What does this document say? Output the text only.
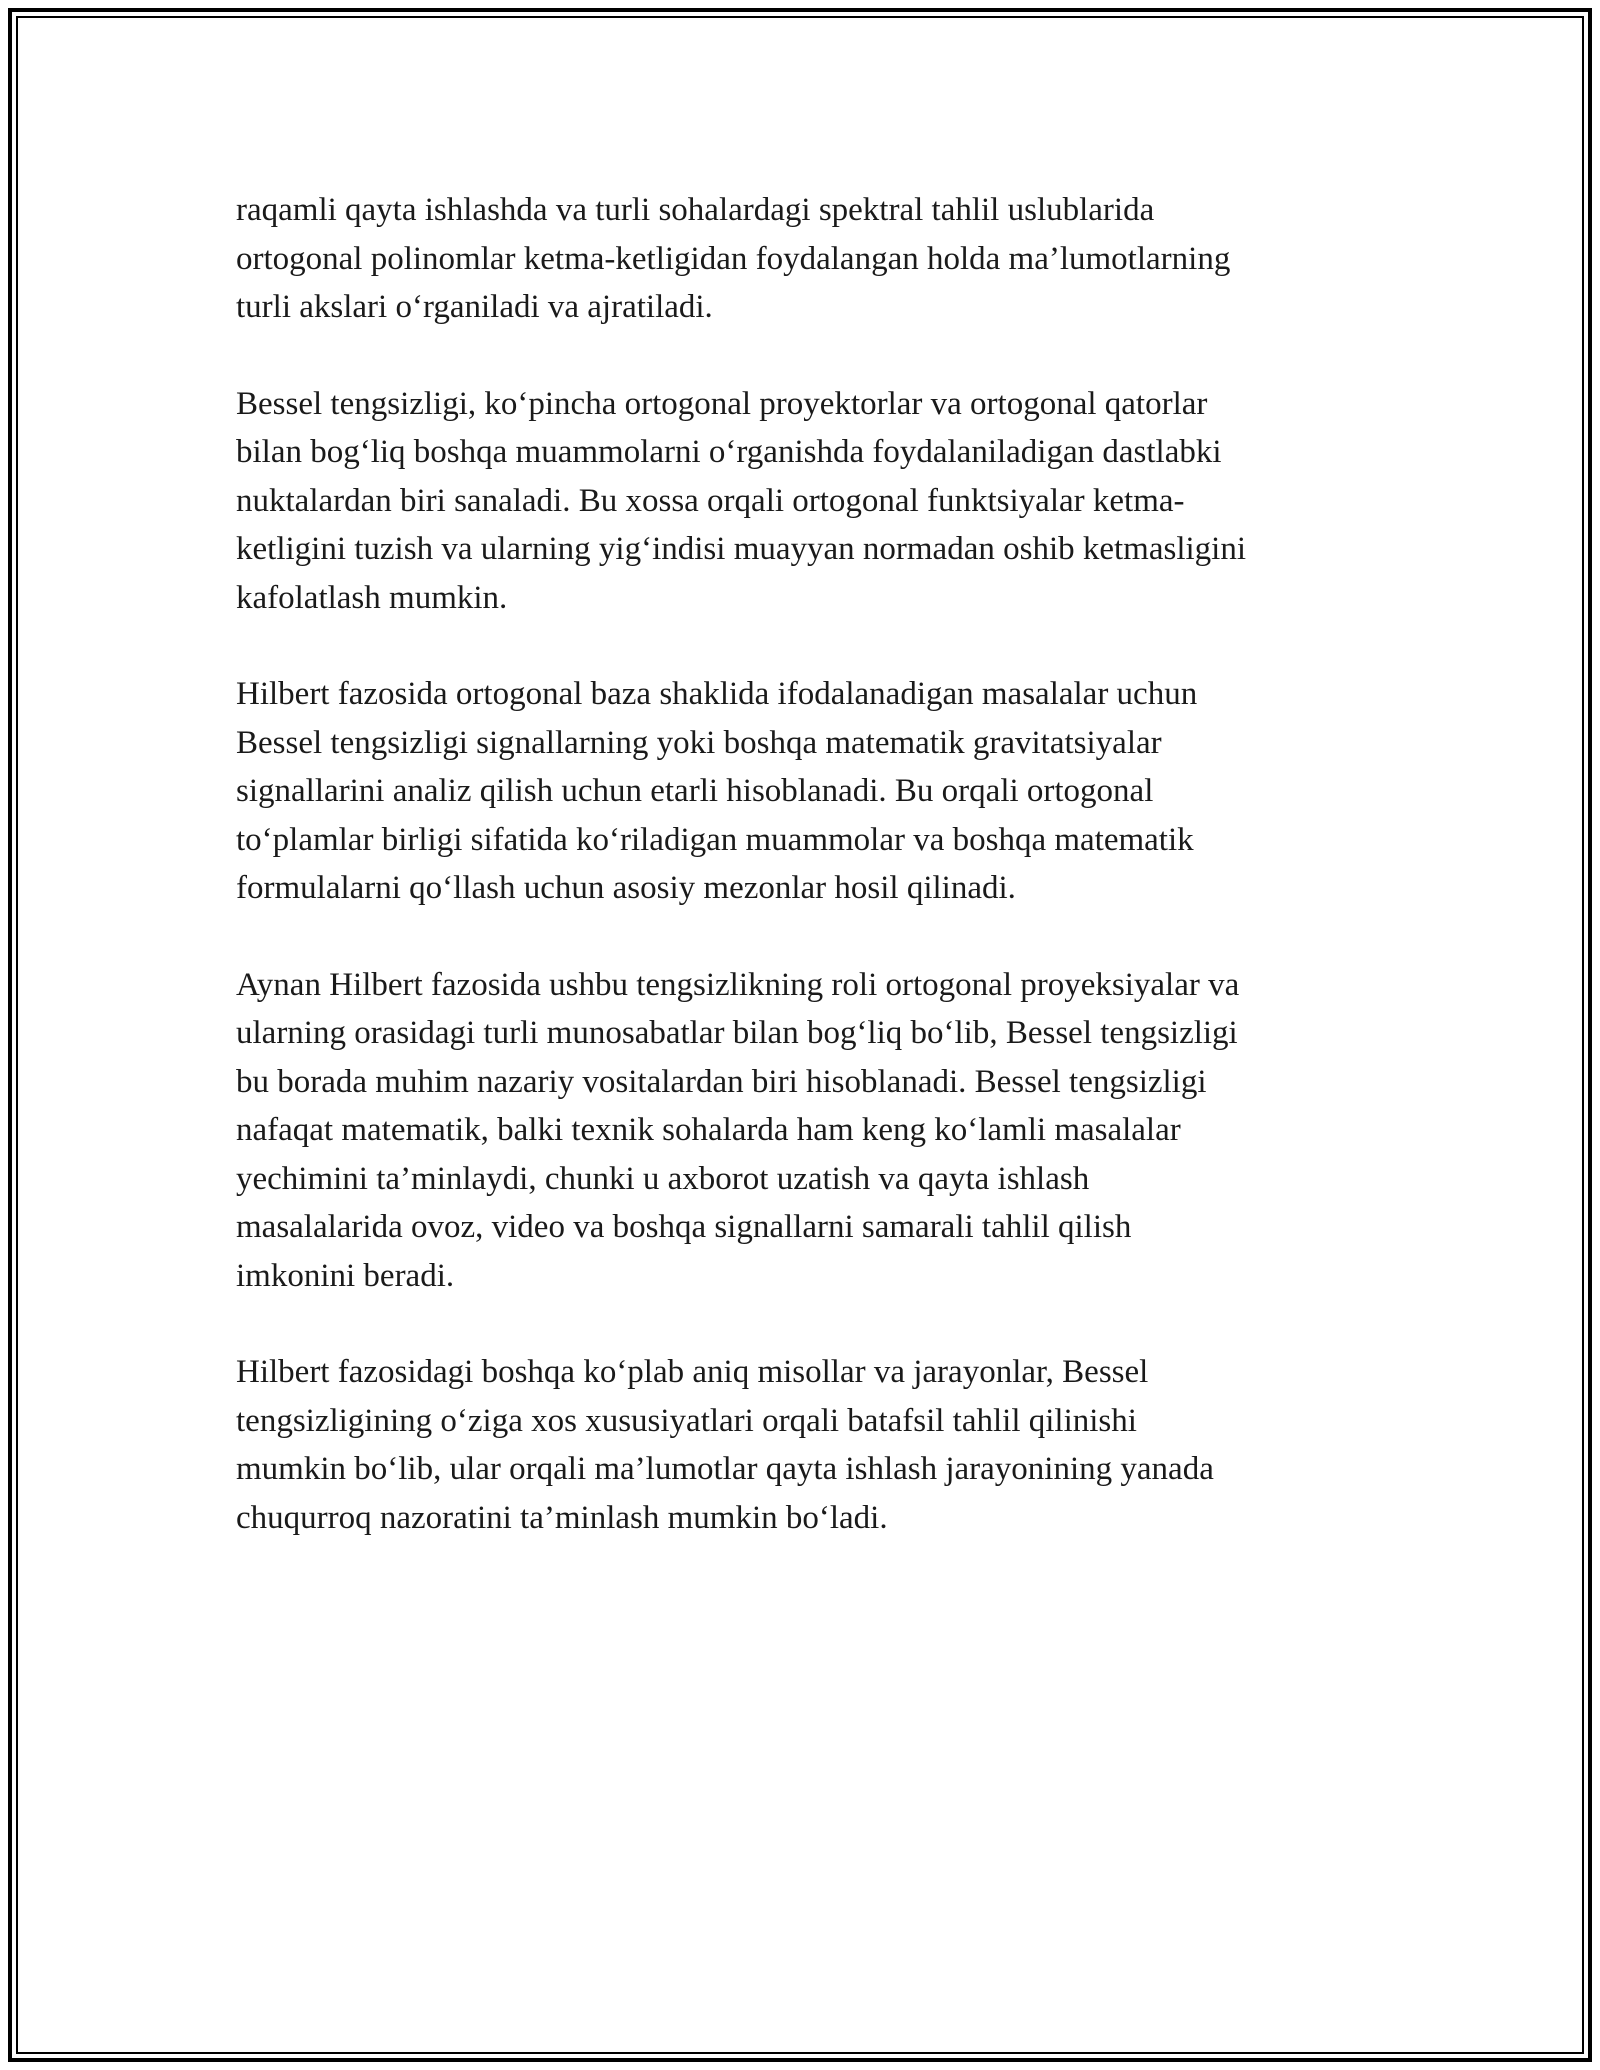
raqamli qayta ishlashda va turli sohalardagi spektral tahlil uslublarida
ortogonal polinomlar ketma-ketligidan foydalangan holda ma’lumotlarning
turli akslari o‘rganiladi va ajratiladi.

Bessel tengsizligi, ko‘pincha ortogonal proyektorlar va ortogonal qatorlar
bilan bog‘liq boshqa muammolarni o‘rganishda foydalaniladigan dastlabki
nuktalardan biri sanaladi. Bu xossa orqali ortogonal funktsiyalar ketma-
ketligini tuzish va ularning yig‘indisi muayyan normadan oshib ketmasligini
kafolatlash mumkin.

Hilbert fazosida ortogonal baza shaklida ifodalanadigan masalalar uchun
Bessel tengsizligi signallarning yoki boshqa matematik gravitatsiyalar
signallarini analiz qilish uchun etarli hisoblanadi. Bu orqali ortogonal
to‘plamlar birligi sifatida ko‘riladigan muammolar va boshqa matematik
formulalarni qo‘llash uchun asosiy mezonlar hosil qilinadi.

Aynan Hilbert fazosida ushbu tengsizlikning roli ortogonal proyeksiyalar va
ularning orasidagi turli munosabatlar bilan bog‘liq bo‘lib, Bessel tengsizligi
bu borada muhim nazariy vositalardan biri hisoblanadi. Bessel tengsizligi
nafaqat matematik, balki texnik sohalarda ham keng ko‘lamli masalalar
yechimini ta’minlaydi, chunki u axborot uzatish va qayta ishlash
masalalarida ovoz, video va boshqa signallarni samarali tahlil qilish
imkonini beradi.

Hilbert fazosidagi boshqa ko‘plab aniq misollar va jarayonlar, Bessel
tengsizligining o‘ziga xos xususiyatlari orqali batafsil tahlil qilinishi
mumkin bo‘lib, ular orqali ma’lumotlar qayta ishlash jarayonining yanada
chuqurroq nazoratini ta’minlash mumkin bo‘ladi.
